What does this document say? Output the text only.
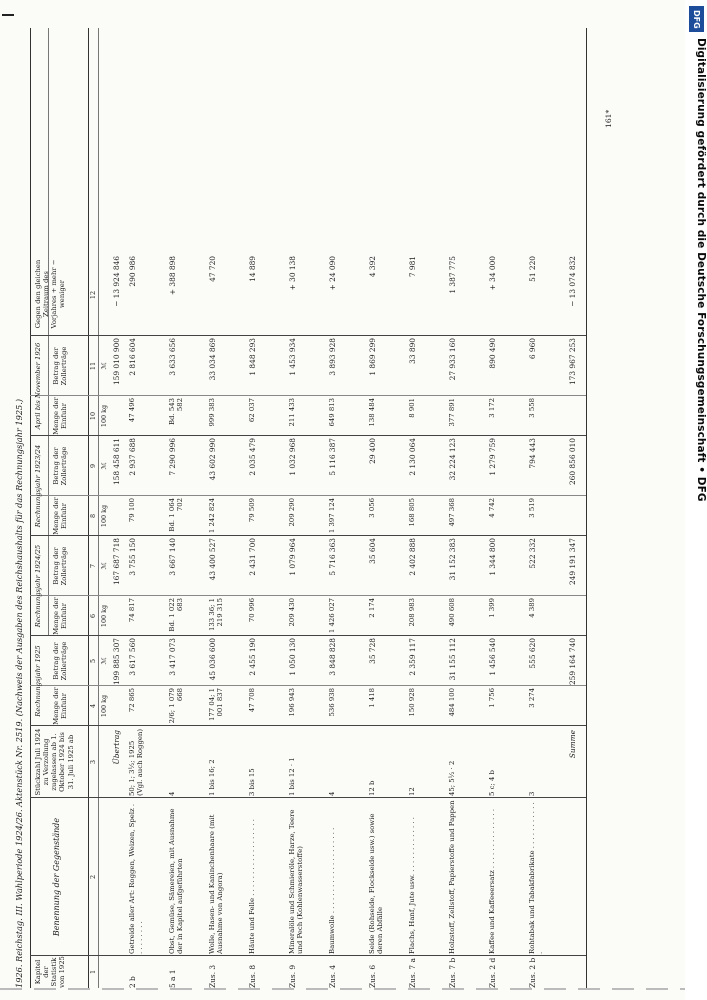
1926. Reichstag. III. Wahlperiode 1924/26. Aktenstück Nr. 2519. (Nachweis der Ausgaben des Reichshaushalts für das Rechnungsjahr 1925.) Kapitel der Statistik von 1925
Benennung der Gegenstände
Stückzahl Juli 1924 zu Verzollung zugelassen ab 1. Oktober 1924 bis 31. Juli 1925 ab
Rechnungsjahr 1925
Rechnungsjahr 1924/25
Rechnungsjahr 1923/24
April bis November 1926
Menge der Einfuhr
Betrag der Zollerträge
Menge der Einfuhr
Betrag der Zollerträge
Menge der Einfuhr
Betrag der Zollerträge
Menge der Einfuhr
Betrag der Zollerträge
Gegen den gleichen Zeitraum des Vorjahres + mehr − weniger
1
2
3
4
5
6
7
8
9
10
11
12
100 kg
ℳ
100 kg
ℳ
100 kg
ℳ
100 kg
ℳ
Übertrag
199 885 307
167 687 718
158 458 611
159 010 900
− 13 924 846
2 b
Getreide aller Art: Roggen, Weizen, Spelz . . . . . . . . .
50; 1; 3¹⁄₂; 1925 (Vgl. auch Roggen)
72 865
3 617 560
74 817
3 755 150
79 100
2 937 688
47 496
2 816 604
290 986
5 a 1
Obst, Gemüse, Sämereien, mit Ausnahme der in Kapitel aufgeführten
4
2/6; 1 079 668
3 417 073
Bd. 1 022 683
3 667 140
Bd. 1 064 702
7 290 996
Bd. 543 582
3 633 656
+ 388 898
Zus. 3
Wolle, Hasen- und Kaninchenhaare (mit Ausnahme von Angora)
1 bis 16; 2
177 04; 1 001 837
45 036 600
133 36; 1 219 315
43 400 527
1 242 824
43 602 990
999 383
33 034 869
47 720
Zus. 8
Häute und Felle . . . . . . . . . . . . . . . . . .
3 bis 15
47 708
2 455 190
70 996
2 431 700
79 509
2 035 479
62 037
1 848 293
14 889
Zus. 9
Mineralöle und Schmieröle, Harze, Teere und Pech (Kohlenwasserstoffe)
1 bis 12 · 1
196 943
1 050 130
209 430
1 079 964
209 290
1 032 968
211 433
1 453 934
+ 30 138
Zus. 4
Baumwolle . . . . . . . . . . . . . . . . . . . .
4
536 938
3 848 828
1 426 027
5 716 363
1 397 124
5 116 387
649 813
3 893 928
+ 24 090
Zus. 6
Seide (Rohseide, Flockseide usw.) sowie deren Abfälle
12 b
1 418
35 728
2 174
35 604
3 056
29 400
138 484
1 869 299
4 392
Zus. 7 a
Flachs, Hanf, Jute usw. . . . . . . . . . . . . .
12
150 928
2 359 117
208 983
2 402 888
168 805
2 130 064
8 901
33 890
7 981
Zus. 7 b
Holzstoff, Zellstoff, Papierstoffe und Pappen
45; 5¹⁄₂ · 2
484 100
31 155 112
490 608
31 152 383
497 368
32 224 123
377 891
27 933 160
1 387 775
Zus. 2 d
Kaffee und Kaffeeersatz . . . . . . . . . . . . . .
5 c; 4 b
1 756
1 456 540
1 399
1 344 800
4 742
1 279 759
3 172
890 490
+ 34 000
Zus. 2 b
Rohtabak und Tabakfabrikate . . . . . . . . . . . .
3
3 274
555 620
4 389
522 332
3 519
794 443
3 558
6 960
51 220
Summe
259 164 740
249 191 347
260 856 010
173 967 253
− 13 074 832
161*
DFG
Digitalisierung gefördert durch die Deutsche Forschungsgemeinschaft • DFG
